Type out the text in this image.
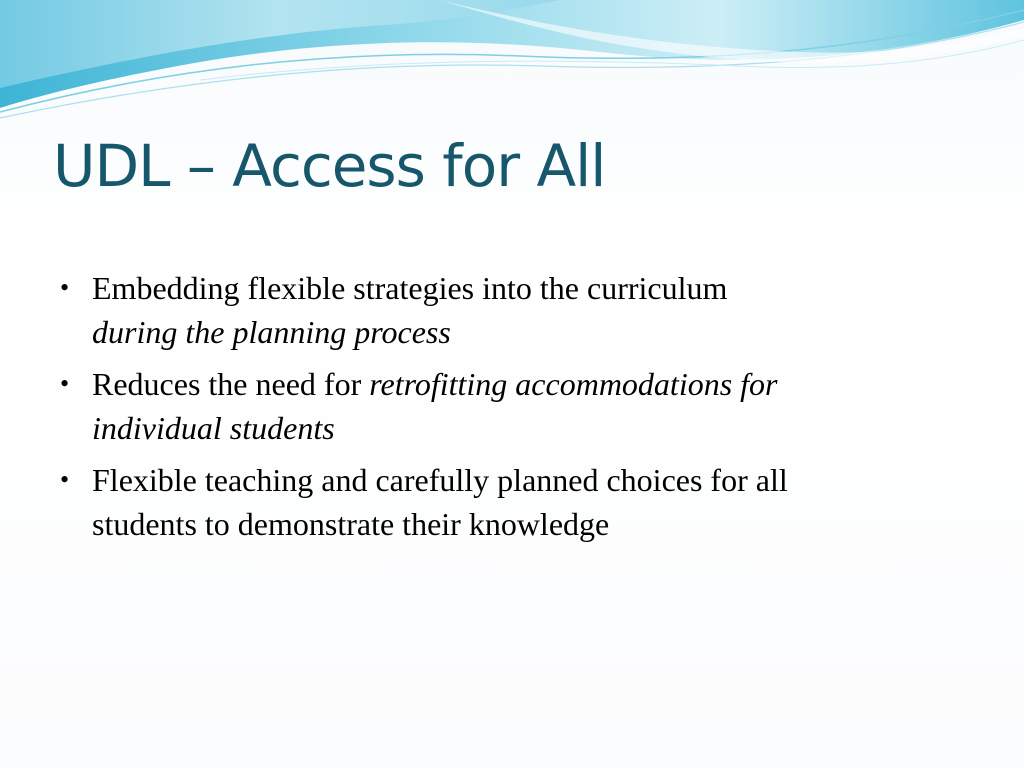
UDL – Access for All
• Embedding flexible strategies into the curriculum
during the planning process
• Reduces the need for retrofitting accommodations for
individual students
• Flexible teaching and carefully planned choices for all
students to demonstrate their knowledge
